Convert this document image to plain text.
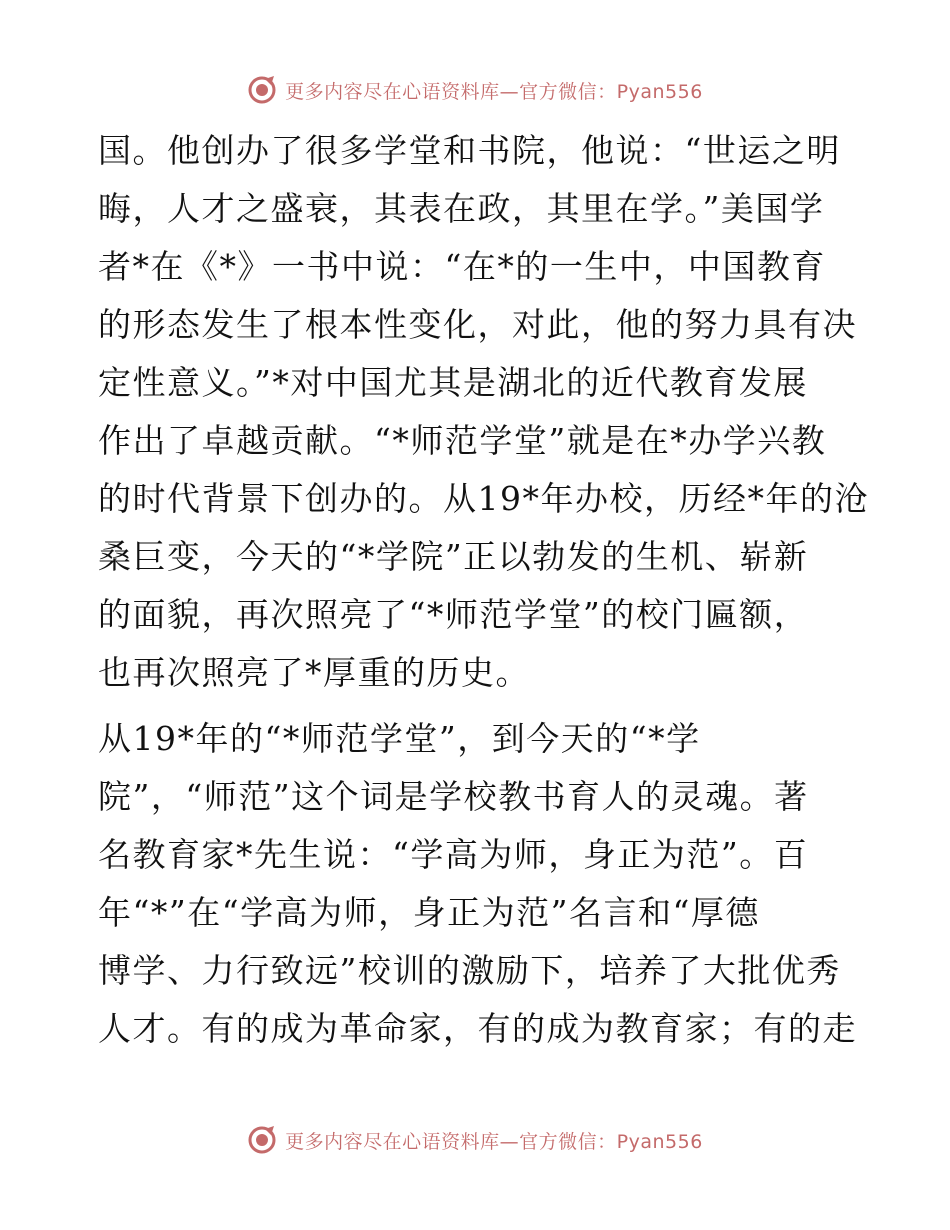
更多内容尽在心语资料库—官方微信：Pyan556
国。他创办了很多学堂和书院，他说：“世运之明
晦，人才之盛衰，其表在政，其里在学。”美国学
者*在《*》一书中说：“在*的一生中，中国教育
的形态发生了根本性变化，对此，他的努力具有决
定性意义。”*对中国尤其是湖北的近代教育发展
作出了卓越贡献。“*师范学堂”就是在*办学兴教
的时代背景下创办的。从19*年办校，历经*年的沧
桑巨变，今天的“*学院”正以勃发的生机、崭新
的面貌，再次照亮了“*师范学堂”的校门匾额，
也再次照亮了*厚重的历史。
从19*年的“*师范学堂”，到今天的“*学
院”，“师范”这个词是学校教书育人的灵魂。著
名教育家*先生说：“学高为师，身正为范”。百
年“*”在“学高为师，身正为范”名言和“厚德
博学、力行致远”校训的激励下，培养了大批优秀
人才。有的成为革命家，有的成为教育家；有的走
更多内容尽在心语资料库—官方微信：Pyan556
